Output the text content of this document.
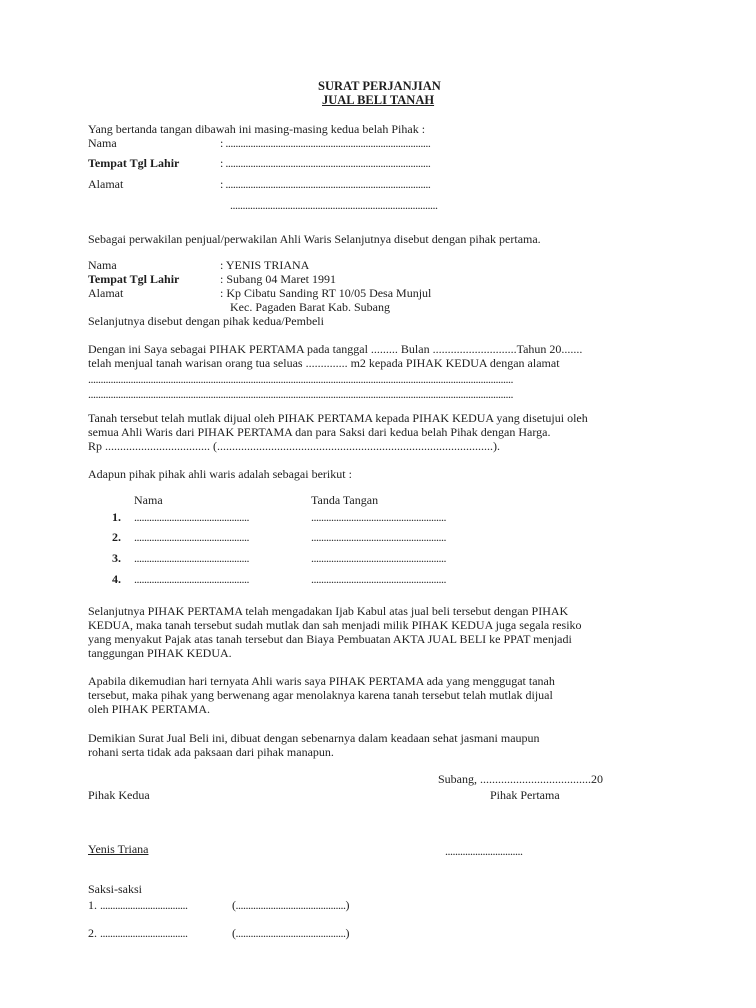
SURAT PERJANJIAN
JUAL BELI TANAH
Yang bertanda tangan dibawah ini masing-masing kedua belah Pihak :
Nama	: ..................................................................................
Tempat Tgl Lahir	: ..................................................................................
Alamat	: ..................................................................................
...................................................................................
Sebagai perwakilan penjual/perwakilan Ahli Waris Selanjutnya disebut dengan pihak pertama.
Nama	: YENIS TRIANA
Tempat Tgl Lahir	: Subang 04 Maret 1991
Alamat	: Kp Cibatu Sanding RT 10/05 Desa Munjul
Kec. Pagaden Barat Kab. Subang
Selanjutnya disebut dengan pihak kedua/Pembeli
Dengan ini Saya sebagai PIHAK PERTAMA pada tanggal ......... Bulan ............................Tahun 20.......
telah menjual tanah warisan orang tua seluas .............. m2 kepada PIHAK KEDUA dengan alamat
..........................................................................................................................................................................
..........................................................................................................................................................................
Tanah tersebut telah mutlak dijual oleh PIHAK PERTAMA kepada PIHAK KEDUA yang disetujui oleh
semua Ahli Waris dari PIHAK PERTAMA dan para Saksi dari kedua belah Pihak dengan Harga.
Rp ................................... (............................................................................................).
Adapun pihak pihak ahli waris adalah sebagai berikut :
Nama	Tanda Tangan
1. ..............................................	......................................................
2. ..............................................	......................................................
3. ..............................................	......................................................
4. ..............................................	......................................................
Selanjutnya PIHAK PERTAMA telah mengadakan Ijab Kabul atas jual beli tersebut dengan PIHAK
KEDUA, maka tanah tersebut sudah mutlak dan sah menjadi milik PIHAK KEDUA juga segala resiko
yang menyakut Pajak atas tanah tersebut dan Biaya Pembuatan AKTA JUAL BELI ke PPAT menjadi
tanggungan PIHAK KEDUA.
Apabila dikemudian hari ternyata Ahli waris saya PIHAK PERTAMA ada yang menggugat tanah
tersebut, maka pihak yang berwenang agar menolaknya karena tanah tersebut telah mutlak dijual
oleh PIHAK PERTAMA.
Demikian Surat Jual Beli ini, dibuat dengan sebenarnya dalam keadaan sehat jasmani maupun
rohani serta tidak ada paksaan dari pihak manapun.
Subang, .....................................20
Pihak Kedua	Pihak Pertama
Yenis Triana	...............................
Saksi-saksi
1. ...................................	(............................................)
2. ...................................	(............................................)
